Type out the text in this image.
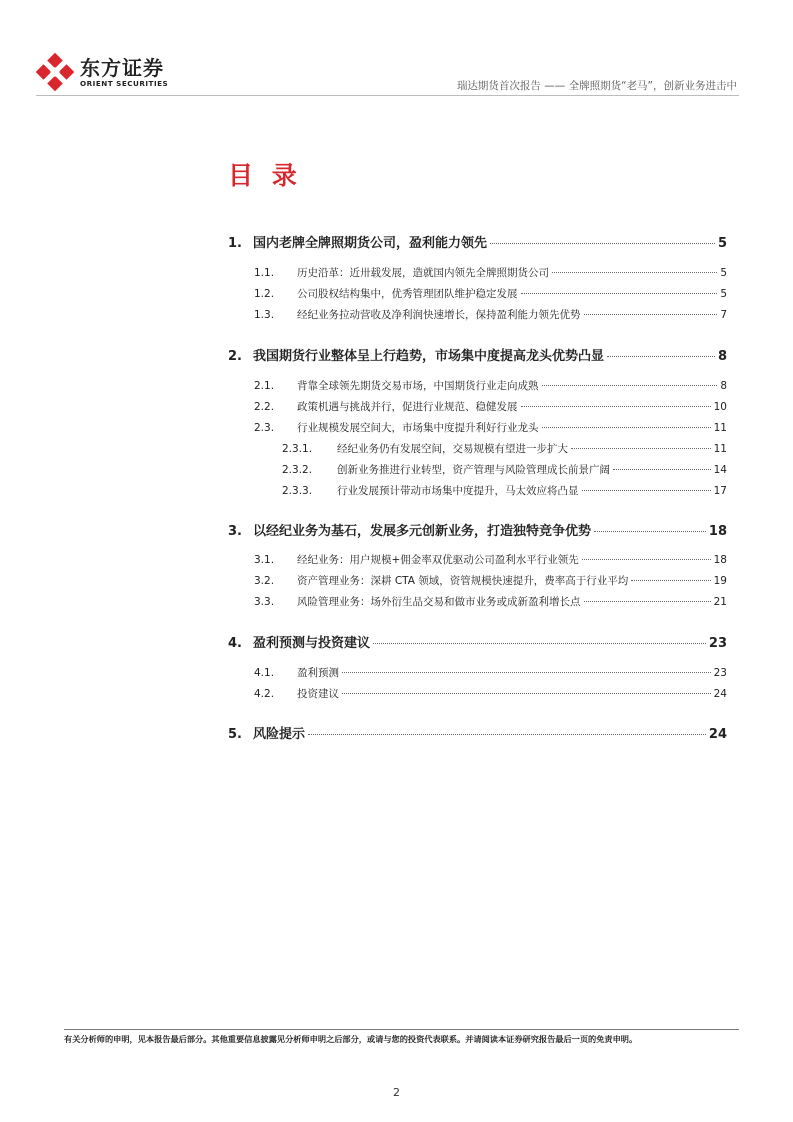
东方证券
ORIENT SECURITIES	瑞达期货首次报告 —— 全牌照期货“老马”，创新业务进击中
目 录
1. 国内老牌全牌照期货公司，盈利能力领先	5
1.1.	历史沿革：近卅载发展，造就国内领先全牌照期货公司	5
1.2.	公司股权结构集中，优秀管理团队维护稳定发展	5
1.3.	经纪业务拉动营收及净利润快速增长，保持盈利能力领先优势	7
2. 我国期货行业整体呈上行趋势，市场集中度提高龙头优势凸显	8
2.1.	背靠全球领先期货交易市场，中国期货行业走向成熟	8
2.2.	政策机遇与挑战并行，促进行业规范、稳健发展	10
2.3.	行业规模发展空间大，市场集中度提升利好行业龙头	11
2.3.1.	经纪业务仍有发展空间，交易规模有望进一步扩大	11
2.3.2.	创新业务推进行业转型，资产管理与风险管理成长前景广阔	14
2.3.3.	行业发展预计带动市场集中度提升，马太效应将凸显	17
3. 以经纪业务为基石，发展多元创新业务，打造独特竞争优势	18
3.1.	经纪业务：用户规模+佣金率双优驱动公司盈利水平行业领先	18
3.2.	资产管理业务：深耕 CTA 领域，资管规模快速提升，费率高于行业平均	19
3.3.	风险管理业务：场外衍生品交易和做市业务或成新盈利增长点	21
4. 盈利预测与投资建议	23
4.1.	盈利预测	23
4.2.	投资建议	24
5. 风险提示	24
有关分析师的申明，见本报告最后部分。其他重要信息披露见分析师申明之后部分，或请与您的投资代表联系。并请阅读本证券研究报告最后一页的免责申明。
2
